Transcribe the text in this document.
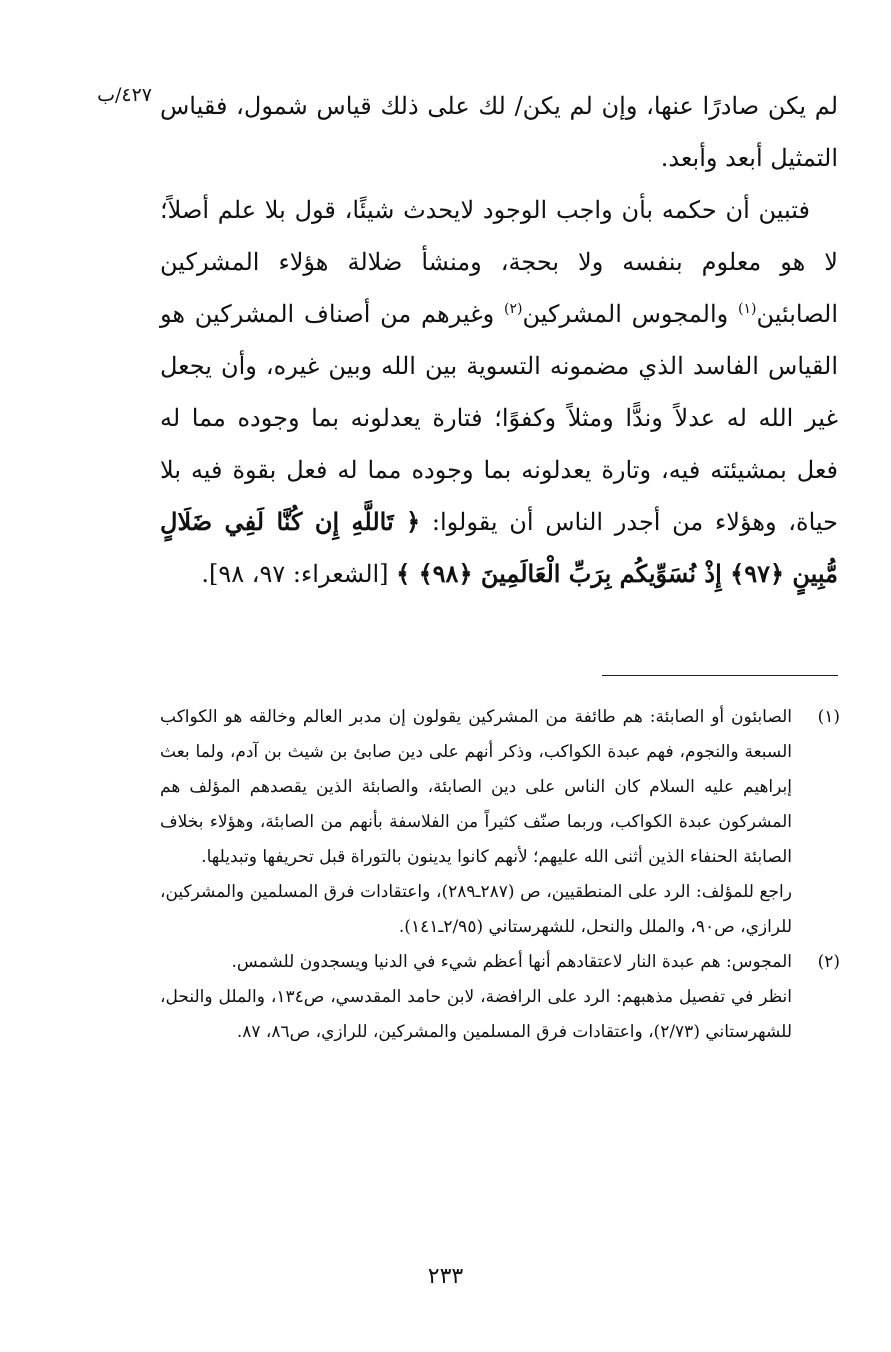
٤٢٧/ب لم يكن صادرًا عنها، وإن لم يكن/ لك على ذلك قياس شمول، فقياس التمثيل أبعد وأبعد.

فتبين أن حكمه بأن واجب الوجود لايحدث شيئًا، قول بلا علم أصلاً؛ لا هو معلوم بنفسه ولا بحجة، ومنشأ ضلالة هؤلاء المشركين الصابئين$^{(١)}$ والمجوس المشركين$^{(٢)}$ وغيرهم من أصناف المشركين هو القياس الفاسد الذي مضمونه التسوية بين الله وبين غيره، وأن يجعل غير الله له عدلاً وندًّا ومثلاً وكفوًا؛ فتارة يعدلونه بما وجوده مما له فعل بمشيئته فيه، وتارة يعدلونه بما وجوده مما له فعل بقوة فيه بلا حياة، وهؤلاء من أجدر الناس أن يقولوا: ﴿ تَاللَّهِ إِن كُنَّا لَفِي ضَلَالٍ مُّبِينٍ ﴿٩٧﴾ إِذْ نُسَوِّيكُم بِرَبِّ الْعَالَمِينَ ﴿٩٨﴾ ﴾ [الشعراء: ٩٧، ٩٨].

(١)

الصابئون أو الصابئة: هم طائفة من المشركين يقولون إن مدبر العالم وخالقه هو الكواكب السبعة والنجوم، فهم عبدة الكواكب، وذكر أنهم على دين صابئ بن شيث بن آدم، ولما بعث إبراهيم عليه السلام كان الناس على دين الصابئة، والصابئة الذين يقصدهم المؤلف هم المشركون عبدة الكواكب، وربما صنّف كثيراً من الفلاسفة بأنهم من الصابئة، وهؤلاء بخلاف الصابئة الحنفاء الذين أثنى الله عليهم؛ لأنهم كانوا يدينون بالتوراة قبل تحريفها وتبديلها.

راجع للمؤلف: الرد على المنطقيين، ص (٢٨٧ـ٢٨٩)، واعتقادات فرق المسلمين والمشركين، للرازي، ص٩٠، والملل والنحل، للشهرستاني (٢/٩٥ـ١٤١).

(٢)

المجوس: هم عبدة النار لاعتقادهم أنها أعظم شيء في الدنيا ويسجدون للشمس.

انظر في تفصيل مذهبهم: الرد على الرافضة، لابن حامد المقدسي، ص١٣٤، والملل والنحل، للشهرستاني (٢/٧٣)، واعتقادات فرق المسلمين والمشركين، للرازي، ص٨٦، ٨٧.

٢٣٣
